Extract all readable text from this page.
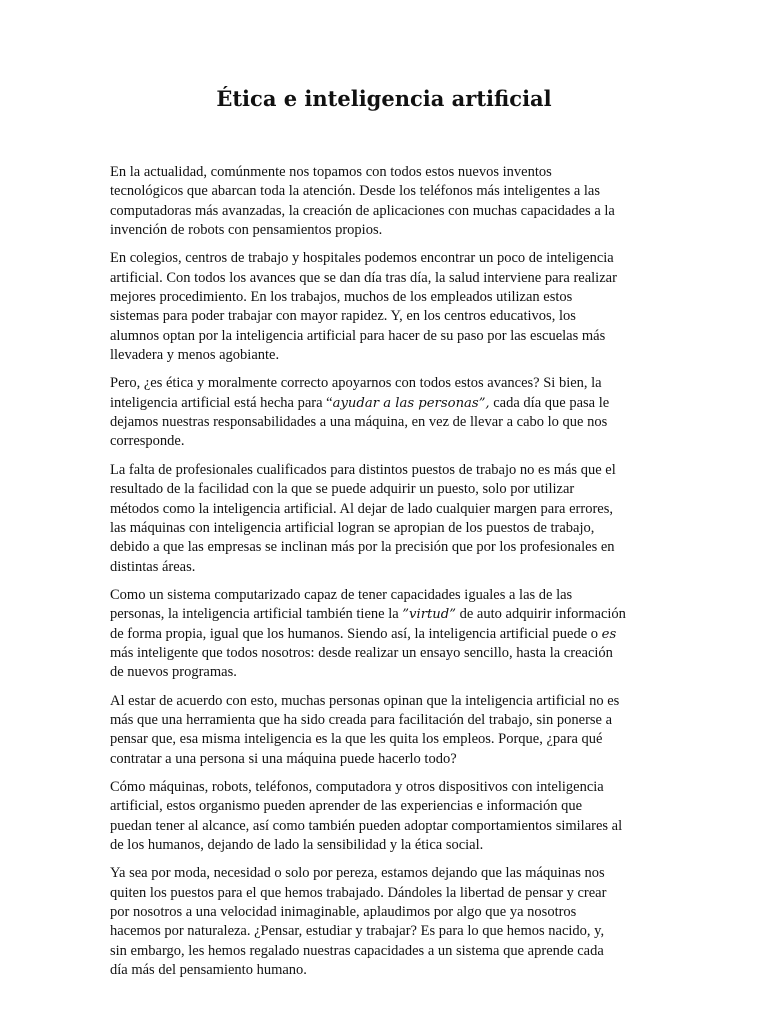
Ética e inteligencia artificial

En la actualidad, comúnmente nos topamos con todos estos nuevos inventos
tecnológicos que abarcan toda la atención. Desde los teléfonos más inteligentes a las
computadoras más avanzadas, la creación de aplicaciones con muchas capacidades a la
invención de robots con pensamientos propios.

En colegios, centros de trabajo y hospitales podemos encontrar un poco de inteligencia
artificial. Con todos los avances que se dan día tras día, la salud interviene para realizar
mejores procedimiento. En los trabajos, muchos de los empleados utilizan estos
sistemas para poder trabajar con mayor rapidez. Y, en los centros educativos, los
alumnos optan por la inteligencia artificial para hacer de su paso por las escuelas más
llevadera y menos agobiante.

Pero, ¿es ética y moralmente correcto apoyarnos con todos estos avances? Si bien, la
inteligencia artificial está hecha para “ayudar a las personas”, cada día que pasa le
dejamos nuestras responsabilidades a una máquina, en vez de llevar a cabo lo que nos
corresponde.

La falta de profesionales cualificados para distintos puestos de trabajo no es más que el
resultado de la facilidad con la que se puede adquirir un puesto, solo por utilizar
métodos como la inteligencia artificial. Al dejar de lado cualquier margen para errores,
las máquinas con inteligencia artificial logran se apropian de los puestos de trabajo,
debido a que las empresas se inclinan más por la precisión que por los profesionales en
distintas áreas.

Como un sistema computarizado capaz de tener capacidades iguales a las de las
personas, la inteligencia artificial también tiene la ”virtud” de auto adquirir información
de forma propia, igual que los humanos. Siendo así, la inteligencia artificial puede o es
más inteligente que todos nosotros: desde realizar un ensayo sencillo, hasta la creación
de nuevos programas.

Al estar de acuerdo con esto, muchas personas opinan que la inteligencia artificial no es
más que una herramienta que ha sido creada para facilitación del trabajo, sin ponerse a
pensar que, esa misma inteligencia es la que les quita los empleos. Porque, ¿para qué
contratar a una persona si una máquina puede hacerlo todo?

Cómo máquinas, robots, teléfonos, computadora y otros dispositivos con inteligencia
artificial, estos organismo pueden aprender de las experiencias e información que
puedan tener al alcance, así como también pueden adoptar comportamientos similares al
de los humanos, dejando de lado la sensibilidad y la ética social.

Ya sea por moda, necesidad o solo por pereza, estamos dejando que las máquinas nos
quiten los puestos para el que hemos trabajado. Dándoles la libertad de pensar y crear
por nosotros a una velocidad inimaginable, aplaudimos por algo que ya nosotros
hacemos por naturaleza. ¿Pensar, estudiar y trabajar? Es para lo que hemos nacido, y,
sin embargo, les hemos regalado nuestras capacidades a un sistema que aprende cada
día más del pensamiento humano.
